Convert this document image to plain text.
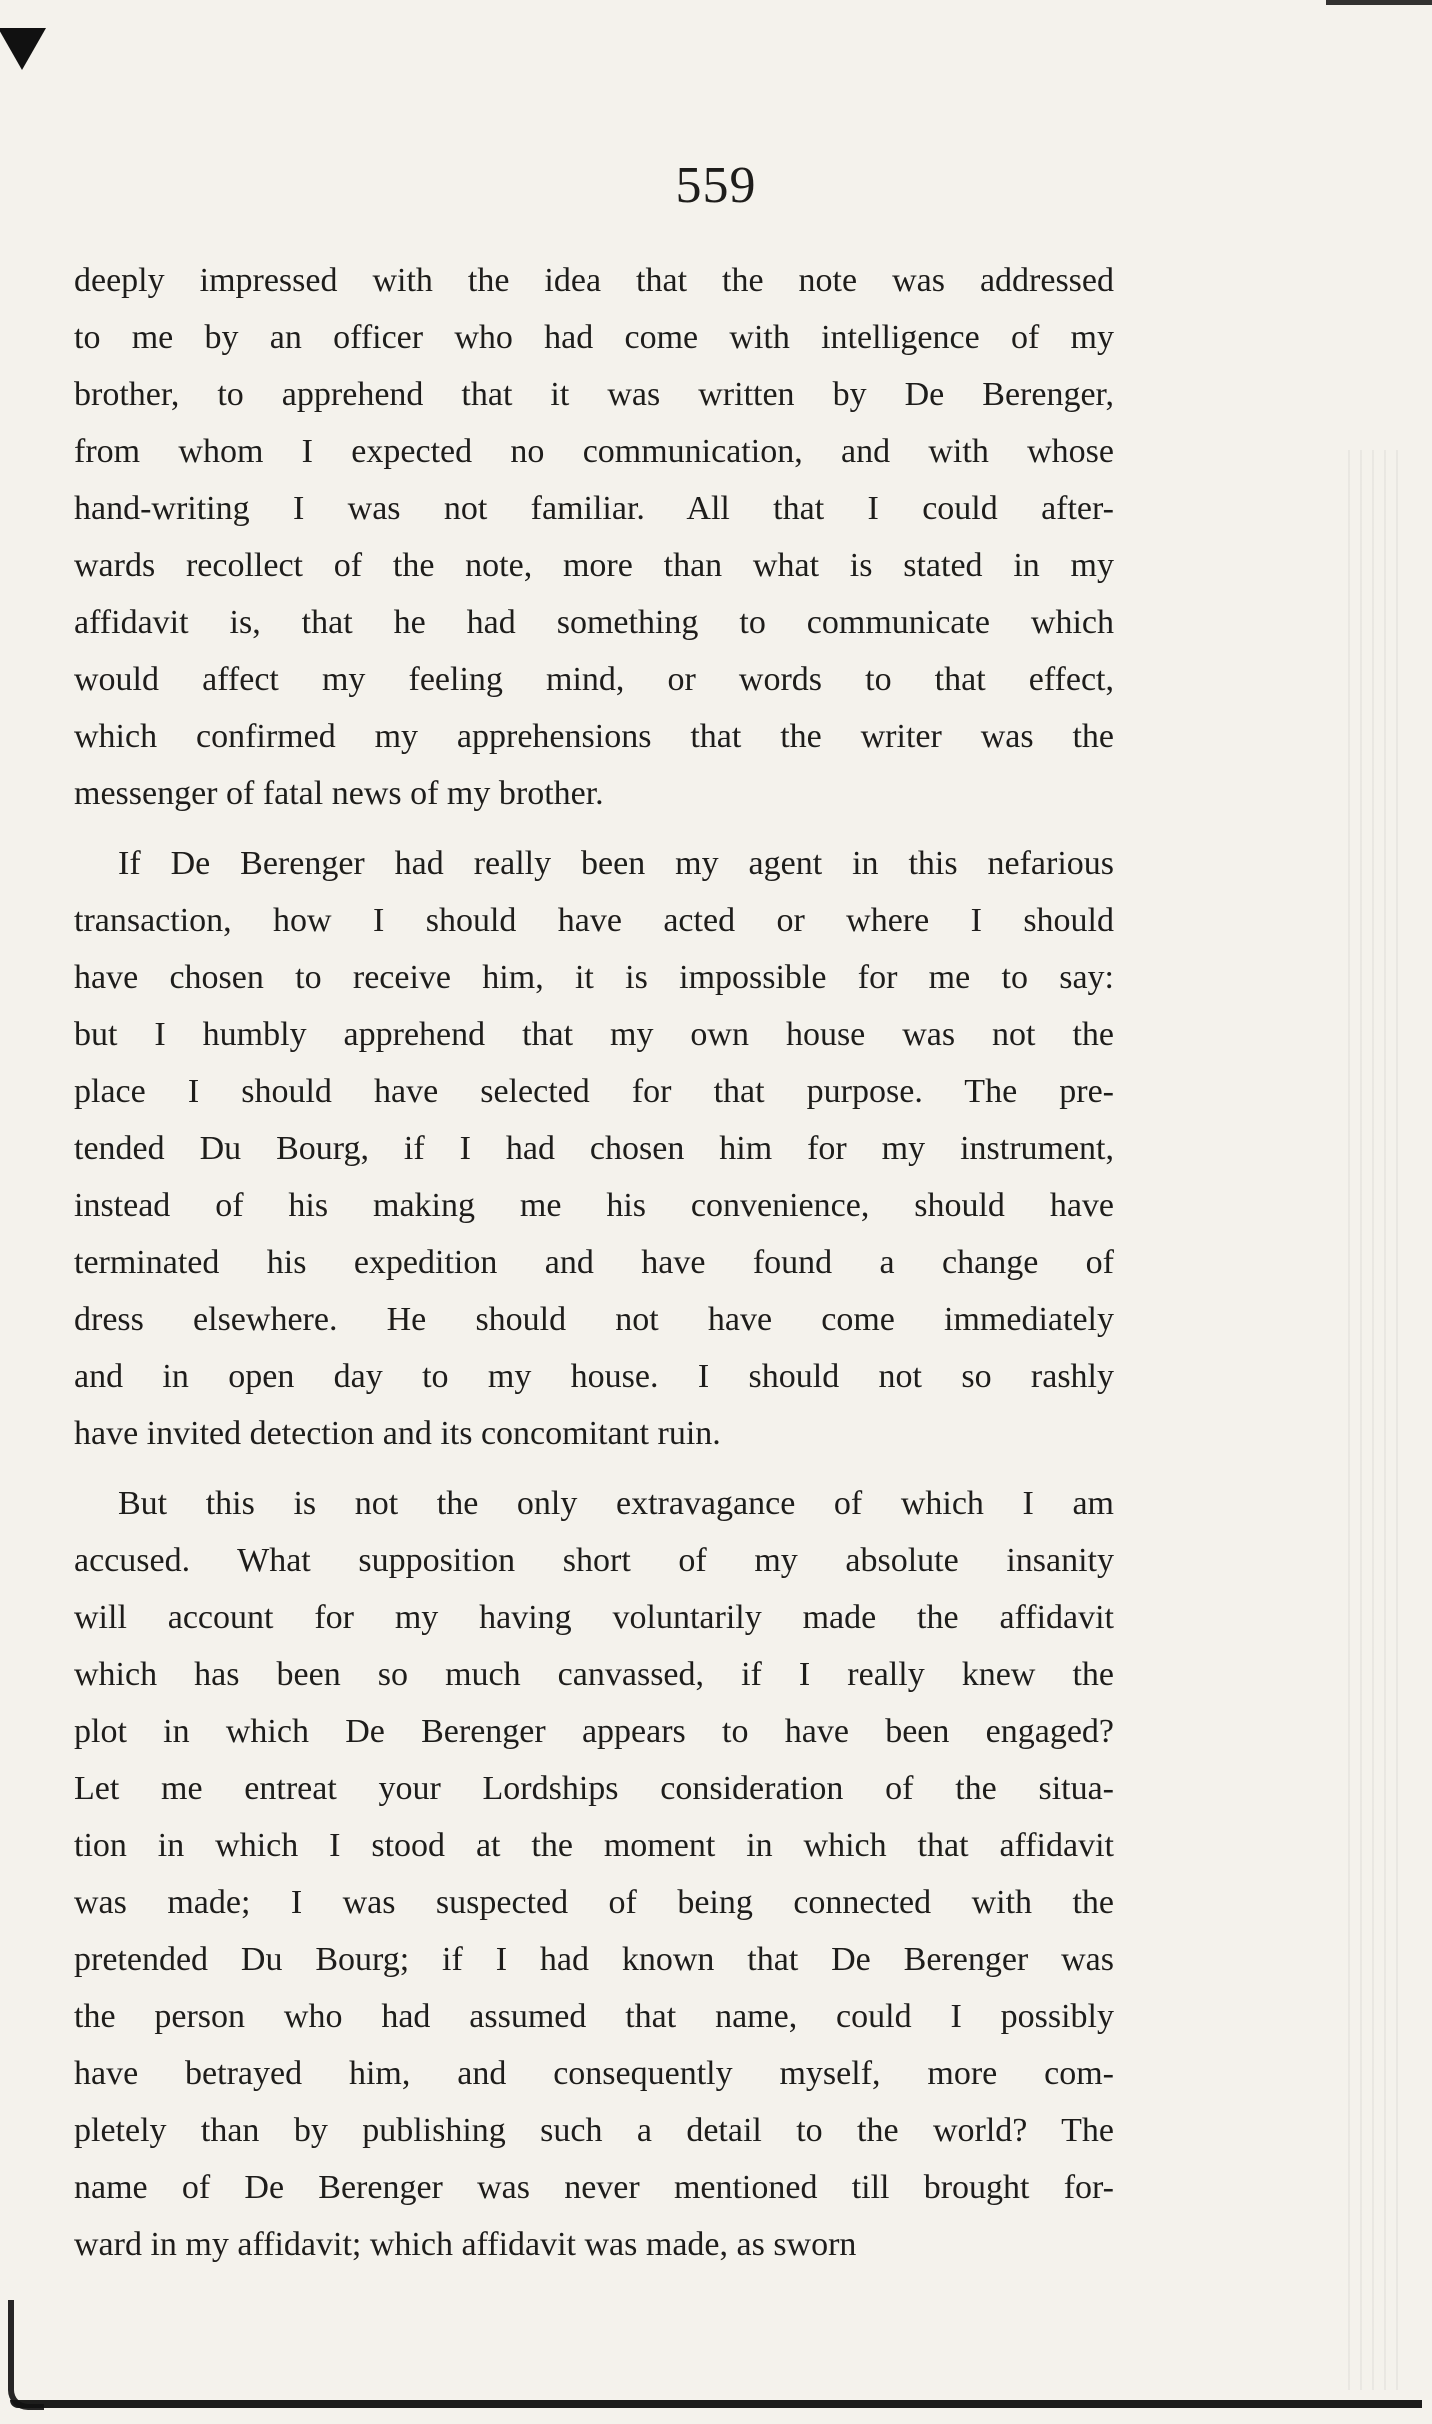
559
deeply impressed with the idea that the note was addressed
to me by an officer who had come with intelligence of my
brother, to apprehend that it was written by De Berenger,
from whom I expected no communication, and with whose
hand-writing I was not familiar. All that I could after-
wards recollect of the note, more than what is stated in my
affidavit is, that he had something to communicate which
would affect my feeling mind, or words to that effect,
which confirmed my apprehensions that the writer was the
messenger of fatal news of my brother.
If De Berenger had really been my agent in this nefarious
transaction, how I should have acted or where I should
have chosen to receive him, it is impossible for me to say:
but I humbly apprehend that my own house was not the
place I should have selected for that purpose. The pre-
tended Du Bourg, if I had chosen him for my instrument,
instead of his making me his convenience, should have
terminated his expedition and have found a change of
dress elsewhere. He should not have come immediately
and in open day to my house. I should not so rashly
have invited detection and its concomitant ruin.
But this is not the only extravagance of which I am
accused. What supposition short of my absolute insanity
will account for my having voluntarily made the affidavit
which has been so much canvassed, if I really knew the
plot in which De Berenger appears to have been engaged?
Let me entreat your Lordships consideration of the situa-
tion in which I stood at the moment in which that affidavit
was made; I was suspected of being connected with the
pretended Du Bourg; if I had known that De Berenger was
the person who had assumed that name, could I possibly
have betrayed him, and consequently myself, more com-
pletely than by publishing such a detail to the world? The
name of De Berenger was never mentioned till brought for-
ward in my affidavit; which affidavit was made, as sworn
